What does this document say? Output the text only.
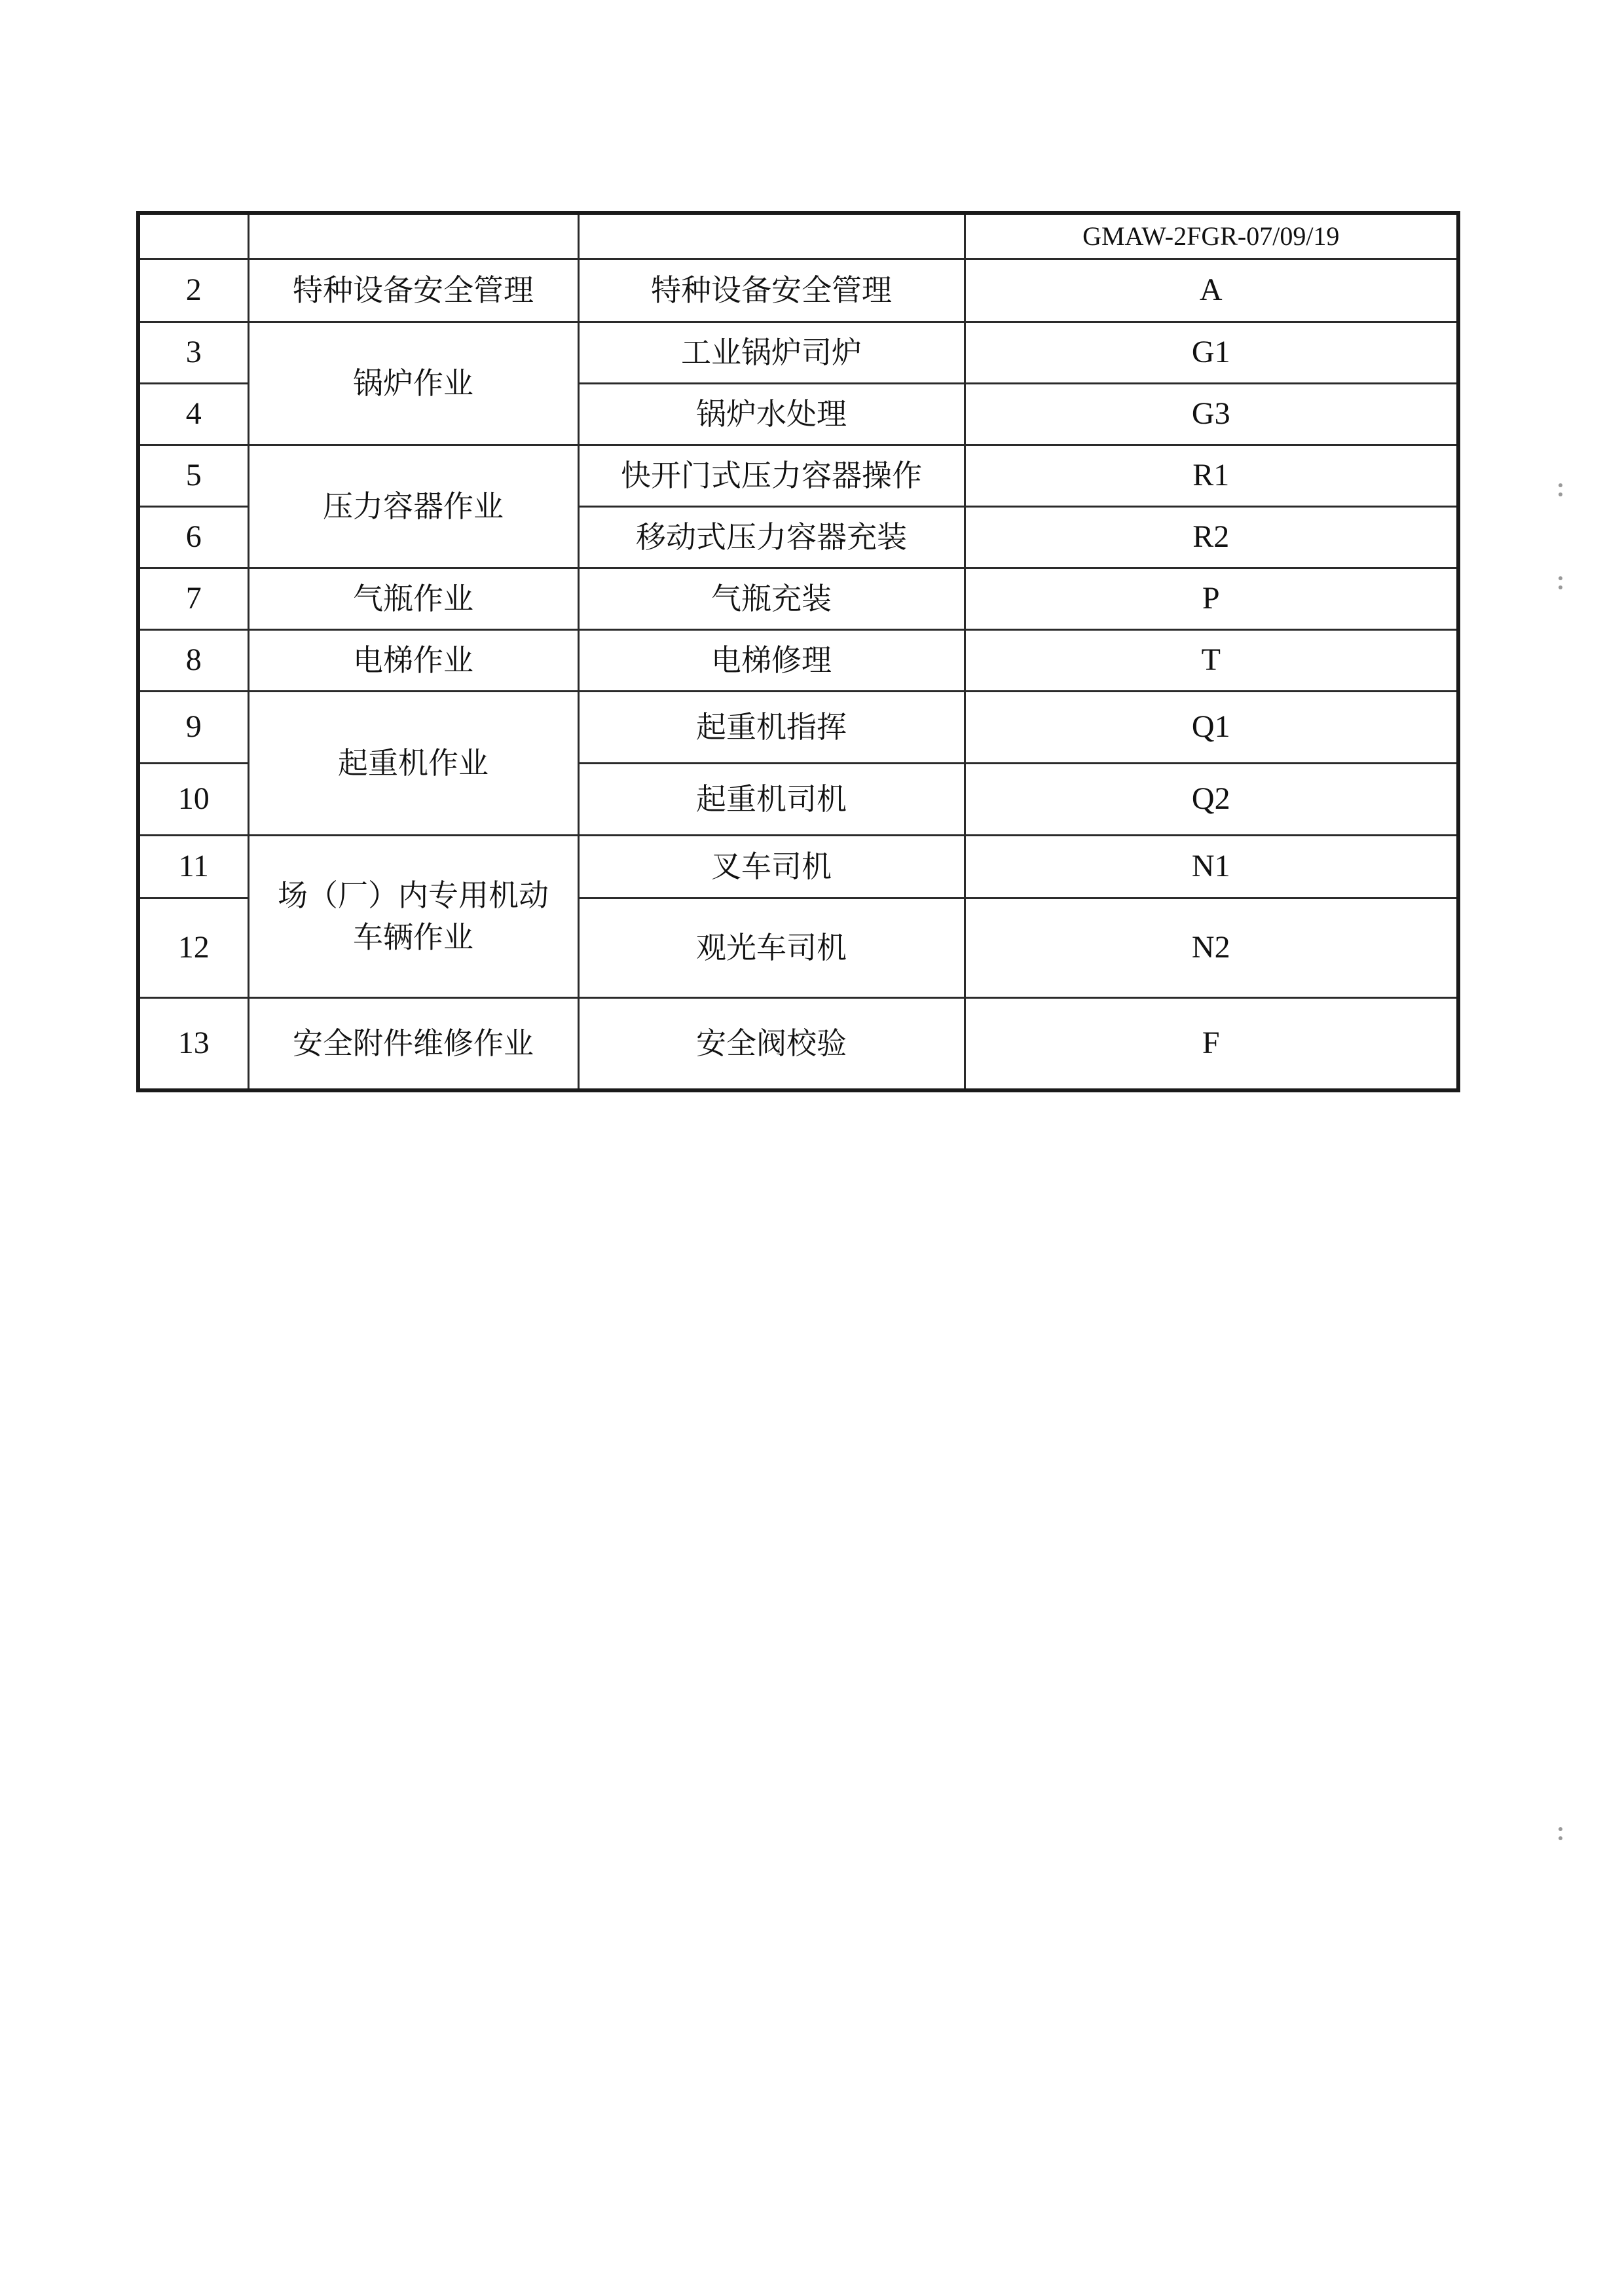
			GMAW-2FGR-07/09/19
2	特种设备安全管理	特种设备安全管理	A
3	锅炉作业	工业锅炉司炉	G1
4		锅炉水处理	G3
5	压力容器作业	快开门式压力容器操作	R1
6		移动式压力容器充装	R2
7	气瓶作业	气瓶充装	P
8	电梯作业	电梯修理	T
9	起重机作业	起重机指挥	Q1
10		起重机司机	Q2
11	场（厂）内专用机动车辆作业	叉车司机	N1
12		观光车司机	N2
13	安全附件维修作业	安全阀校验	F
